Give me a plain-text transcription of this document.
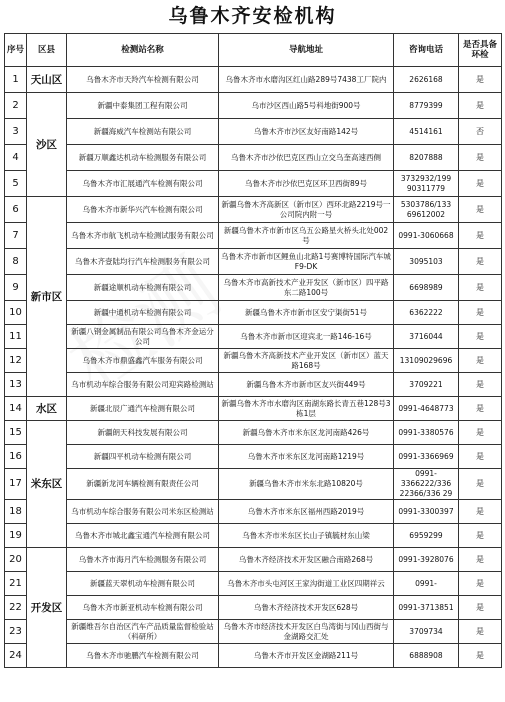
乌鲁木齐安检机构
序号	区县	检测站名称	导航地址	咨询电话	是否具备环检
1	天山区	乌鲁木齐市天羚汽车检测有限公司	乌鲁木齐市水磨沟区红山路289号7438工厂院内	2626168	是
2	沙区	新疆中泰集团工程有限公司	乌市沙区西山路5号科地街900号	8779399	是
3		新疆海威汽车检测站有限公司	乌鲁木齐市沙区友好南路142号	4514161	否
4		新疆万顺鑫达机动车检测服务有限公司	乌鲁木齐市沙依巴克区西山立交乌奎高速西侧	8207888	是
5		乌鲁木齐市汇展通汽车检测有限公司	乌鲁木齐市沙依巴克区环卫西街89号	3732932/199 90311779	是
6	新市区	乌鲁木齐市新华兴汽车检测有限公司	新疆乌鲁木齐高新区（新市区）西环北路2219号一公司院内附一号	5303786/133 69612002	是
7		乌鲁木齐市航飞机动车检测试服务有限公司	新疆乌鲁木齐市新市区乌五公路星火桥头北处002号	0991-3060668	是
8		乌鲁木齐壹陆均行汽车检测服务有限公司	乌鲁木齐市新市区鲤鱼山北路1号赛博特国际汽车城F9-DK	3095103	是
9		新疆途顺机动车检测有限公司	乌鲁木齐市高新技术产业开发区（新市区）四平路东二路100号	6698989	是
10		新疆中通机动车检测有限公司	新疆乌鲁木齐市新市区安宁渠街51号	6362222	是
11		新疆八钢金属制品有限公司乌鲁木齐金运分公司	乌鲁木齐市新市区迎宾北一路146-16号	3716044	是
12		乌鲁木齐市鼎盛鑫汽车服务有限公司	新疆乌鲁木齐高新技术产业开发区（新市区）蓝天路168号	13109029696	是
13		乌市机动车综合服务有限公司迎宾路检测站	新疆乌鲁木齐市新市区友兴街449号	3709221	是
14	水区	新疆北辰广通汽车检测有限公司	新疆乌鲁木齐市水磨沟区南湖东路长青五巷128号3栋1层	0991-4648773	是
15	米东区	新疆朗天科技发展有限公司	新疆乌鲁木齐市米东区龙河南路426号	0991-3380576	是
16		新疆四平机动车检测有限公司	乌鲁木齐市米东区龙河南路1219号	0991-3366969	是
17		新疆新龙河车辆检测有限责任公司	新疆乌鲁木齐市米东北路10820号	0991-3366222/336 22366/336 29	是
18		乌市机动车综合服务有限公司米东区检测站	乌鲁木齐市米东区福州西路2019号	0991-3300397	是
19		乌鲁木齐市城北鑫宝通汽车检测有限公司	乌鲁木齐市米东区长山子镇毓材东山梁	6959299	是
20	开发区	乌鲁木齐市海月汽车检测服务有限公司	乌鲁木齐经济技术开发区融合南路268号	0991-3928076	是
21		新疆蓝天翠机动车检测有限公司	乌鲁木齐市头屯河区王家沟街道工业区四期祥云	0991-	是
22		乌鲁木齐市新亚机动车检测有限公司	乌鲁木齐经济技术开发区628号	0991-3713851	是
23		新疆维吾尔自治区汽车产品质量监督检验站（科研所）	乌鲁木齐市经济技术开发区白鸟湾街与冈山西街与金湖路交汇处	3709734	是
24		乌鲁木齐市驰鹏汽车检测有限公司	乌鲁木齐市开发区金湖路211号	6888908	是
